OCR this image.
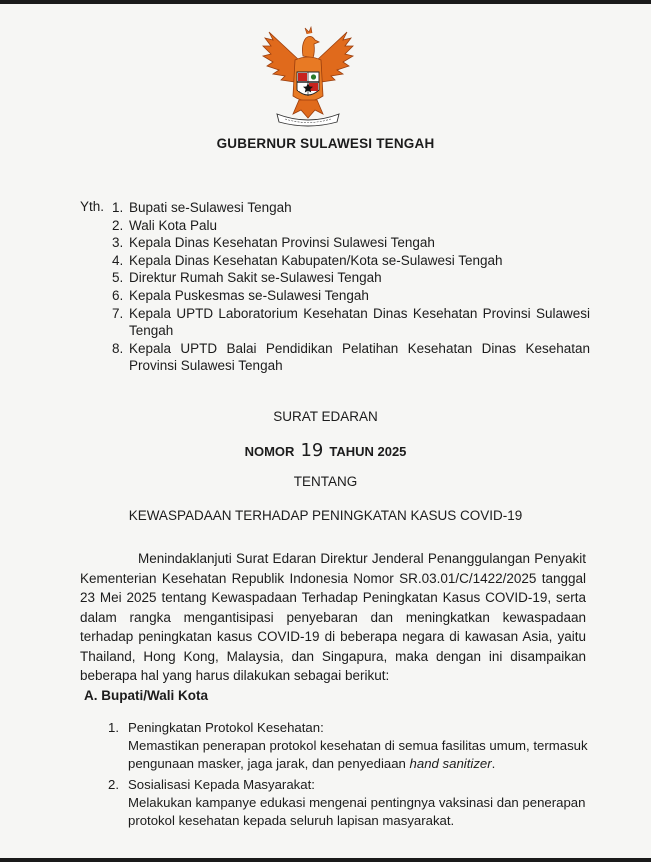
GUBERNUR SULAWESI TENGAH
Yth. 1. Bupati se-Sulawesi Tengah
2. Wali Kota Palu
3. Kepala Dinas Kesehatan Provinsi Sulawesi Tengah
4. Kepala Dinas Kesehatan Kabupaten/Kota se-Sulawesi Tengah
5. Direktur Rumah Sakit se-Sulawesi Tengah
6. Kepala Puskesmas se-Sulawesi Tengah
7. Kepala UPTD Laboratorium Kesehatan Dinas Kesehatan Provinsi Sulawesi Tengah
8. Kepala UPTD Balai Pendidikan Pelatihan Kesehatan Dinas Kesehatan Provinsi Sulawesi Tengah
SURAT EDARAN
NOMOR 19 TAHUN 2025
TENTANG
KEWASPADAAN TERHADAP PENINGKATAN KASUS COVID-19

Menindaklanjuti Surat Edaran Direktur Jenderal Penanggulangan Penyakit Kementerian Kesehatan Republik Indonesia Nomor SR.03.01/C/1422/2025 tanggal 23 Mei 2025 tentang Kewaspadaan Terhadap Peningkatan Kasus COVID-19, serta dalam rangka mengantisipasi penyebaran dan meningkatkan kewaspadaan terhadap peningkatan kasus COVID-19 di beberapa negara di kawasan Asia, yaitu Thailand, Hong Kong, Malaysia, dan Singapura, maka dengan ini disampaikan beberapa hal yang harus dilakukan sebagai berikut:

A. Bupati/Wali Kota
1. Peningkatan Protokol Kesehatan:
Memastikan penerapan protokol kesehatan di semua fasilitas umum, termasuk pengunaan masker, jaga jarak, dan penyediaan hand sanitizer.
2. Sosialisasi Kepada Masyarakat:
Melakukan kampanye edukasi mengenai pentingnya vaksinasi dan penerapan protokol kesehatan kepada seluruh lapisan masyarakat.
